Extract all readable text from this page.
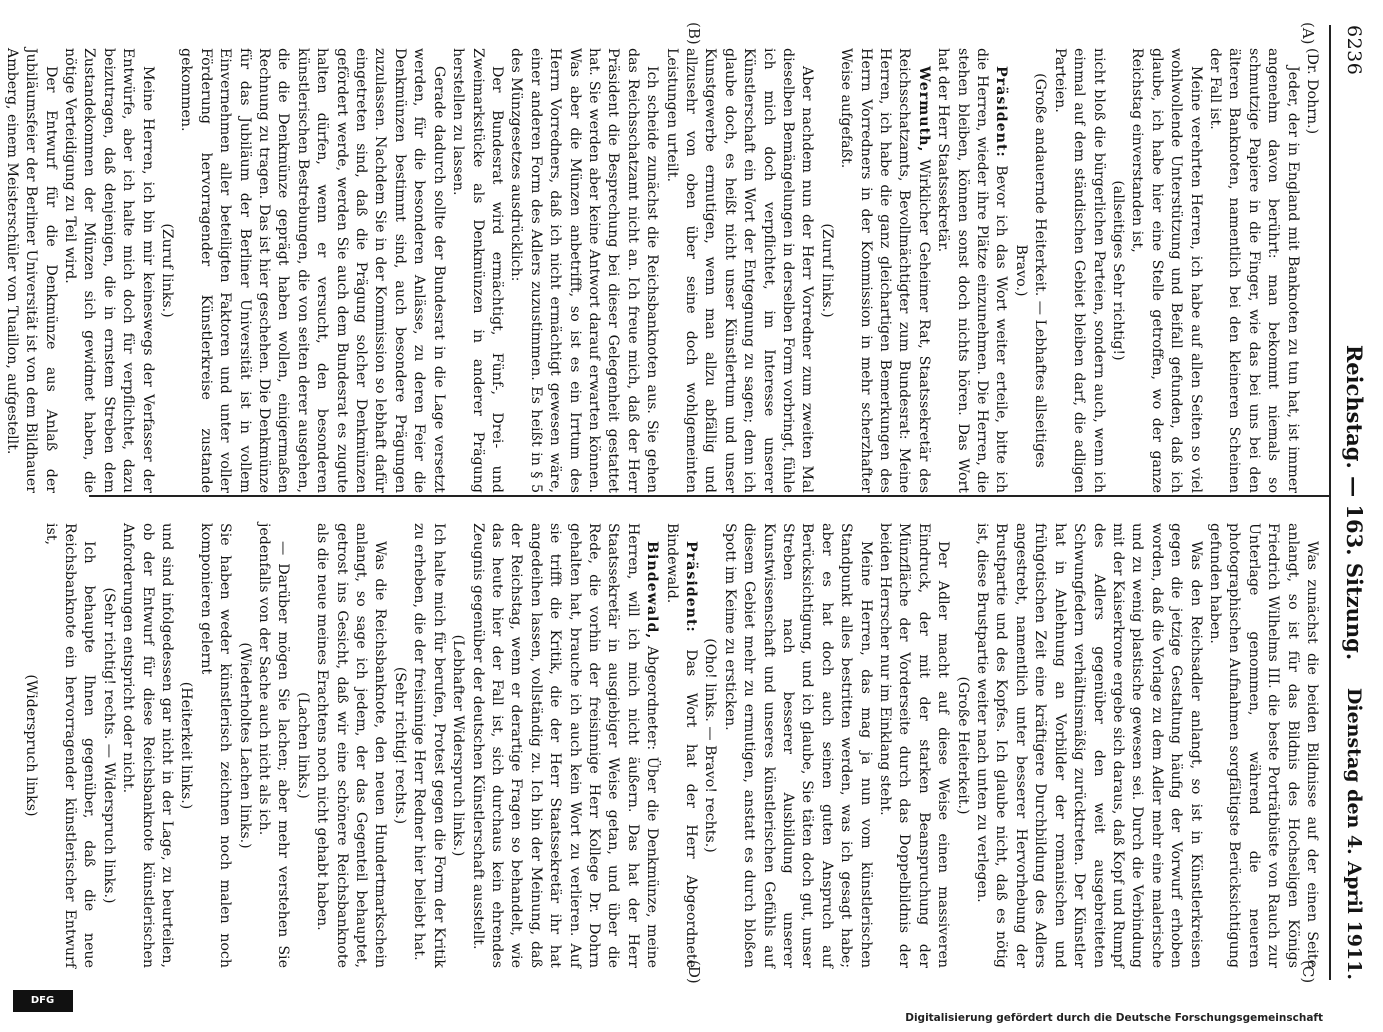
6236
Reichstag. — 163. Sitzung.
Dienstag den 4. April 1911.
(A)
(B)
(C)
(D)

(Dr. Dohrn.)

Jeder, der in England mit Banknoten zu tun hat, ist immer angenehm davon berührt: man bekommt niemals so schmutzige Papiere in die Finger, wie das bei uns bei den älteren Banknoten, namentlich bei den kleineren Scheinen der Fall ist.

Meine verehrten Herren, ich habe auf allen Seiten so viel wohlwollende Unterstützung und Beifall gefunden, daß ich glaube, ich habe hier eine Stelle getroffen, wo der ganze Reichstag einverstanden ist,

(allseitiges Sehr richtig!)

nicht bloß die bürgerlichen Parteien, sondern auch, wenn ich einmal auf dem ständischen Gebiet bleiben darf, die adligen Parteien.

(Große andauernde Heiterkeit. — Lebhaftes allseitiges Bravo.)

Präsident: Bevor ich das Wort weiter erteile, bitte ich die Herren, wieder ihre Plätze einzunehmen. Die Herren, die stehen bleiben, können sonst doch nichts hören. Das Wort hat der Herr Staatssekretär.

Wermuth, Wirklicher Geheimer Rat, Staatssekretär des Reichsschatzamts, Bevollmächtigter zum Bundesrat: Meine Herren, ich habe die ganz gleichartigen Bemerkungen des Herrn Vorredners in der Kommission in mehr scherzhafter Weise aufgefaßt.

(Zuruf links.)

Aber nachdem nun der Herr Vorredner zum zweiten Mal dieselben Bemängelungen in derselben Form vorbringt, fühle ich mich doch verpflichtet, im Interesse unserer Künstlerschaft ein Wort der Entgegnung zu sagen; denn ich glaube doch, es heißt nicht unser Künstlertum und unser Kunstgewerbe ermutigen, wenn man allzu abfällig und allzusehr von oben über seine doch wohlgemeinten Leistungen urteilt.

Ich scheide zunächst die Reichsbanknoten aus. Sie gehen das Reichsschatzamt nicht an. Ich freue mich, daß der Herr Präsident die Besprechung bei dieser Gelegenheit gestattet hat. Sie werden aber keine Antwort darauf erwarten können. Was aber die Münzen anbetrifft, so ist es ein Irrtum des Herrn Vorredners, daß ich nicht ermächtigt gewesen wäre, einer anderen Form des Adlers zuzustimmen. Es heißt in § 5 des Münzgesetzes ausdrücklich:

Der Bundesrat wird ermächtigt, Fünf-, Drei- und Zweimarkstücke als Denkmünzen in anderer Prägung herstellen zu lassen.

Gerade dadurch sollte der Bundesrat in die Lage versetzt werden, für die besonderen Anlässe, zu deren Feier die Denkmünzen bestimmt sind, auch besondere Prägungen zuzulassen. Nachdem Sie in der Kommission so lebhaft dafür eingetreten sind, daß die Prägung solcher Denkmünzen gefördert werde, werden Sie auch dem Bundesrat es zugute halten dürfen, wenn er versucht, den besonderen künstlerischen Bestrebungen, die von seiten derer ausgehen, die die Denkmünze geprägt haben wollen, einigermaßen Rechnung zu tragen. Das ist hier geschehen. Die Denkmünze für das Jubiläum der Berliner Universität ist in vollem Einvernehmen aller beteiligten Faktoren und unter voller Förderung hervorragender Künstlerkreise zustande gekommen.

(Zuruf links.)

Meine Herren, ich bin mir keineswegs der Verfasser der Entwürfe, aber ich halte mich doch für verpflichtet, dazu beizutragen, daß denjenigen, die in ernstem Streben dem Zustandekommen der Münzen sich gewidmet haben, die nötige Verteidigung zu Teil wird.

Der Entwurf für die Denkmünze aus Anlaß der Jubiläumsfeier der Berliner Universität ist von dem Bildhauer Amberg, einem Meisterschüler von Tuaillon, aufgestellt.

Was zunächst die beiden Bildnisse auf der einen Seite anlangt, so ist für das Bildnis des Hochseligen Königs Friedrich Wilhelms III. die beste Porträtbüste von Rauch zur Unterlage genommen, während die neueren photographischen Aufnahmen sorgfältigste Berücksichtigung gefunden haben.

Was den Reichsadler anlangt, so ist in Künstlerkreisen gegen die jetzige Gestaltung häufig der Vorwurf erhoben worden, daß die Vorlage zu dem Adler mehr eine malerische und zu wenig plastische gewesen sei. Durch die Verbindung mit der Kaiserkrone ergebe sich daraus, daß Kopf und Rumpf des Adlers gegenüber den weit ausgebreiteten Schwungfedern verhältnismäßig zurücktreten. Der Künstler hat in Anlehnung an Vorbilder der romanischen und frühgotischen Zeit eine kräftigere Durchbildung des Adlers angestrebt, namentlich unter besserer Hervorhebung der Brustpartie und des Kopfes. Ich glaube nicht, daß es nötig ist, diese Brustpartie weiter nach unten zu verlegen.

(Große Heiterkeit.)

Der Adler macht auf diese Weise einen massiveren Eindruck, der mit der starken Beanspruchung der Münzfläche der Vorderseite durch das Doppelbildnis der beiden Herrscher nur im Einklang steht.

Meine Herren, das mag ja nun vom künstlerischen Standpunkt alles bestritten werden, was ich gesagt habe; aber es hat doch auch seinen guten Anspruch auf Berücksichtigung, und ich glaube, Sie täten doch gut, unser Streben nach besserer Ausbildung unserer Kunstwissenschaft und unseres künstlerischen Gefühls auf diesem Gebiet mehr zu ermutigen, anstatt es durch bloßen Spott im Keime zu ersticken.

(Oho! links. — Bravo! rechts.)

Präsident: Das Wort hat der Herr Abgeordnete Bindewald.

Bindewald, Abgeordneter: Über die Denkmünze, meine Herren, will ich mich nicht äußern. Das hat der Herr Staatssekretär in ausgiebiger Weise getan, und über die Rede, die vorhin der freisinnige Herr Kollege Dr. Dohrn gehalten hat, brauche ich auch kein Wort zu verlieren. Auf sie trifft die Kritik, die der Herr Staatssekretär ihr hat angedeihen lassen, vollständig zu. Ich bin der Meinung, daß der Reichstag, wenn er derartige Fragen so behandelt, wie das heute hier der Fall ist, sich durchaus kein ehrendes Zeugnis gegenüber der deutschen Künstlerschaft ausstellt.

(Lebhafter Widerspruch links.)

Ich halte mich für berufen, Protest gegen die Form der Kritik zu erheben, die der freisinnige Herr Redner hier beliebt hat.

(Sehr richtig! rechts.)

Was die Reichsbanknote, den neuen Hundertmarkschein anlangt, so sage ich jedem, der das Gegenteil behauptet, getrost ins Gesicht, daß wir eine schönere Reichsbanknote als die neue meines Erachtens noch nicht gehabt haben.

(Lachen links.)

— Darüber mögen Sie lachen; aber mehr verstehen Sie jedenfalls von der Sache auch nicht als ich.

(Wiederholtes Lachen links.)

Sie haben weder künstlerisch zeichnen noch malen noch komponieren gelernt

(Heiterkeit links.)

und sind infolgedessen gar nicht in der Lage, zu beurteilen, ob der Entwurf für diese Reichsbanknote künstlerischen Anforderungen entspricht oder nicht.

(Sehr richtig! rechts. — Widerspruch links.)

Ich behaupte Ihnen gegenüber, daß die neue Reichsbanknote ein hervorragender künstlerischer Entwurf ist,

(Widerspruch links)

Digitalisierung gefördert durch die Deutsche Forschungsgemeinschaft
DFG
